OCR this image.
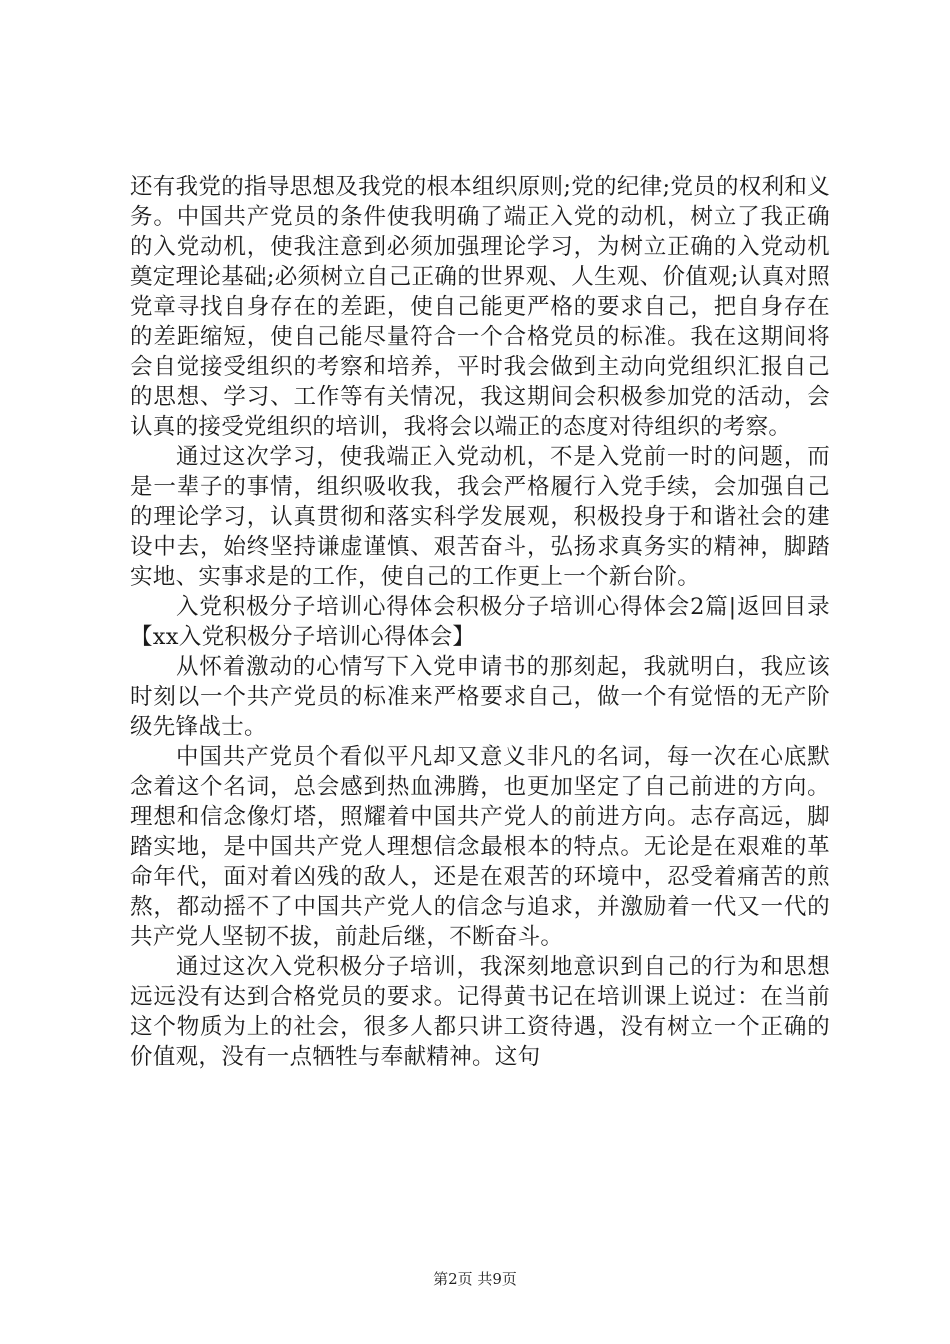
还有我党的指导思想及我党的根本组织原则;党的纪律;党员的权利和义务。中国共产党员的条件使我明确了端正入党的动机，树立了我正确的入党动机，使我注意到必须加强理论学习，为树立正确的入党动机奠定理论基础;必须树立自己正确的世界观、人生观、价值观;认真对照党章寻找自身存在的差距，使自己能更严格的要求自己，把自身存在的差距缩短，使自己能尽量符合一个合格党员的标准。我在这期间将会自觉接受组织的考察和培养，平时我会做到主动向党组织汇报自己的思想、学习、工作等有关情况，我这期间会积极参加党的活动，会认真的接受党组织的培训，我将会以端正的态度对待组织的考察。

通过这次学习，使我端正入党动机，不是入党前一时的问题，而是一辈子的事情，组织吸收我，我会严格履行入党手续，会加强自己的理论学习，认真贯彻和落实科学发展观，积极投身于和谐社会的建设中去，始终坚持谦虚谨慎、艰苦奋斗，弘扬求真务实的精神，脚踏实地、实事求是的工作，使自己的工作更上一个新台阶。

入党积极分子培训心得体会积极分子培训心得体会2篇|返回目录【xx入党积极分子培训心得体会】

从怀着激动的心情写下入党申请书的那刻起，我就明白，我应该时刻以一个共产党员的标准来严格要求自己，做一个有觉悟的无产阶级先锋战士。

中国共产党员个看似平凡却又意义非凡的名词，每一次在心底默念着这个名词，总会感到热血沸腾，也更加坚定了自己前进的方向。理想和信念像灯塔，照耀着中国共产党人的前进方向。志存高远，脚踏实地，是中国共产党人理想信念最根本的特点。无论是在艰难的革命年代，面对着凶残的敌人，还是在艰苦的环境中，忍受着痛苦的煎熬，都动摇不了中国共产党人的信念与追求，并激励着一代又一代的共产党人坚韧不拔，前赴后继，不断奋斗。

通过这次入党积极分子培训，我深刻地意识到自己的行为和思想远远没有达到合格党员的要求。记得黄书记在培训课上说过：在当前这个物质为上的社会，很多人都只讲工资待遇，没有树立一个正确的价值观，没有一点牺牲与奉献精神。这句

第2页 共9页
